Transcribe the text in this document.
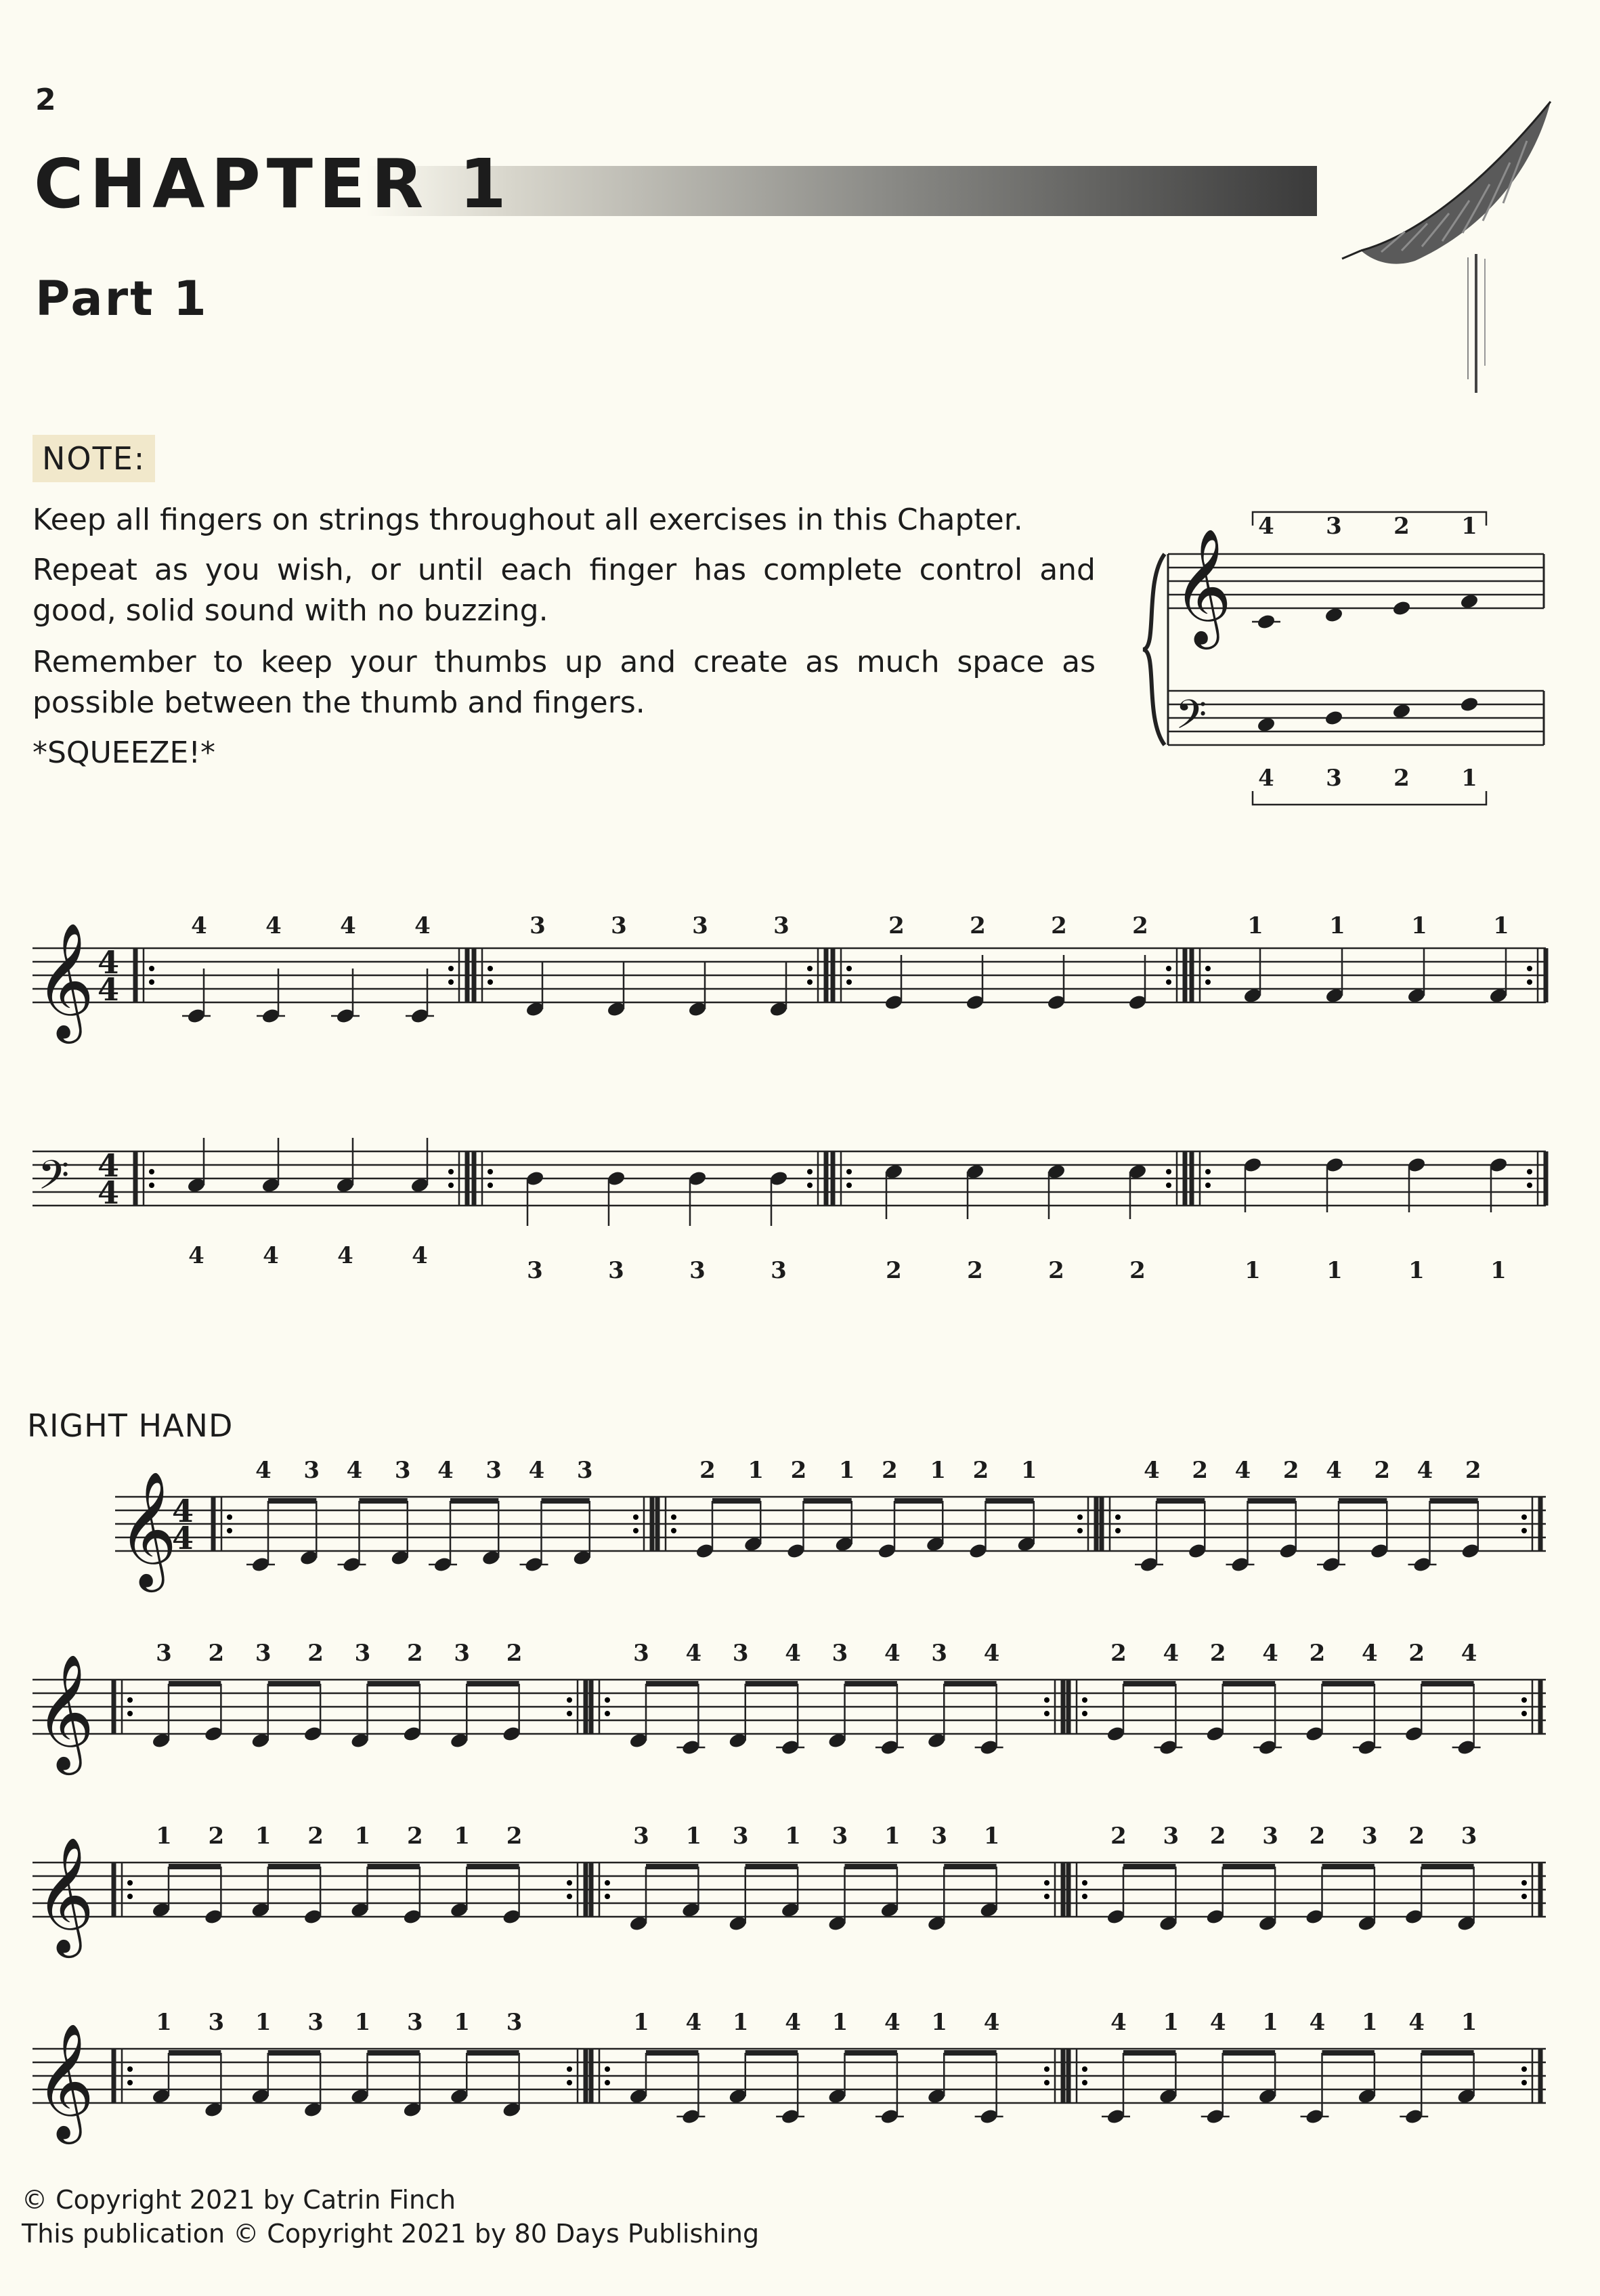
2
CHAPTER 1
Part 1
NOTE:
Keep all fingers on strings throughout all exercises in this Chapter.
Repeat as you wish, or until each finger has complete control and good, solid sound with no buzzing.
Remember to keep your thumbs up and create as much space as possible between the thumb and fingers.
*SQUEEZE!*
𝄞
𝄢
4
4
3
3
2
2
1
1
𝄞
𝄢
4
4
4
4
4	4	4	4	3	3	3	3	2	2	2	2	1	1	1	1
4	4	4	4
3	3	3	3	2	2	2	2	1	1	1	1
RIGHT HAND
𝄞
4
4
4 3 4 3 4 3 4 3	2 1 2 1 2 1 2 1	4 2 4 2 4 2 4 2
𝄞	3 2 3 2 3 2 3 2	3 4 3 4 3 4 3 4	2 4 2 4 2 4 2 4
𝄞	1 2 1 2 1 2 1 2	3 1 3 1 3 1 3 1	2 3 2 3 2 3 2 3
𝄞	1 3 1 3 1 3 1 3	1 4 1 4 1 4 1 4	4 1 4 1 4 1 4 1
© Copyright 2021 by Catrin Finch
This publication © Copyright 2021 by 80 Days Publishing
